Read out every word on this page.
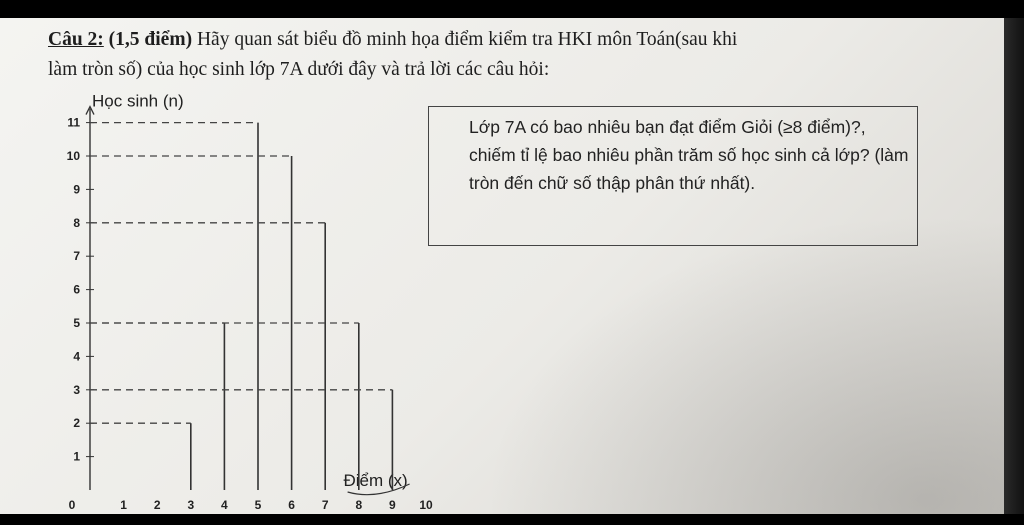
Câu 2: (1,5 điểm) Hãy quan sát biểu đồ minh họa điểm kiểm tra HKI môn Toán(sau khi
làm tròn số) của học sinh lớp 7A dưới đây và trả lời các câu hỏi:
Lớp 7A có bao nhiêu bạn đạt điểm Giỏi (≥8 điểm)?, chiếm tỉ lệ bao nhiêu phần trăm số học sinh cả lớp? (làm tròn đến chữ số thập phân thứ nhất).
Học sinh (n)
1
2
3
4
5
6
7
8
9
10
11
0	1 2 3 4 5 6 7 8 9 10
Điểm (x)
